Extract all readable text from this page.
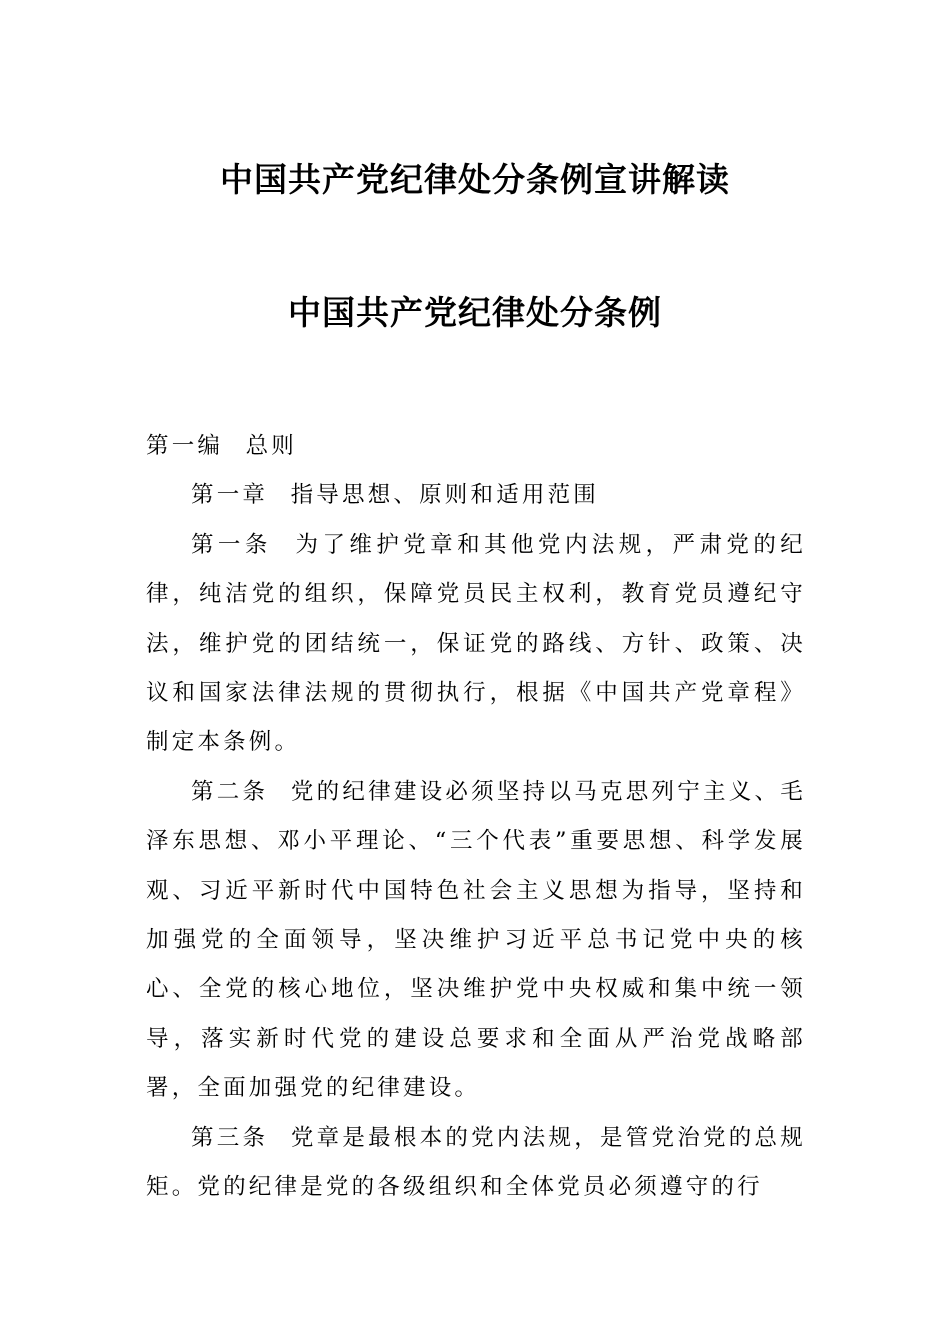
中国共产党纪律处分条例宣讲解读
中国共产党纪律处分条例

第一编 总则

第一章 指导思想、原则和适用范围

第一条 为了维护党章和其他党内法规，严肃党的纪律，纯洁党的组织，保障党员民主权利，教育党员遵纪守法，维护党的团结统一，保证党的路线、方针、政策、决议和国家法律法规的贯彻执行，根据《中国共产党章程》制定本条例。

第二条 党的纪律建设必须坚持以马克思列宁主义、毛泽东思想、邓小平理论、“三个代表”重要思想、科学发展观、习近平新时代中国特色社会主义思想为指导，坚持和加强党的全面领导，坚决维护习近平总书记党中央的核心、全党的核心地位，坚决维护党中央权威和集中统一领导，落实新时代党的建设总要求和全面从严治党战略部署，全面加强党的纪律建设。

第三条 党章是最根本的党内法规，是管党治党的总规矩。党的纪律是党的各级组织和全体党员必须遵守的行
